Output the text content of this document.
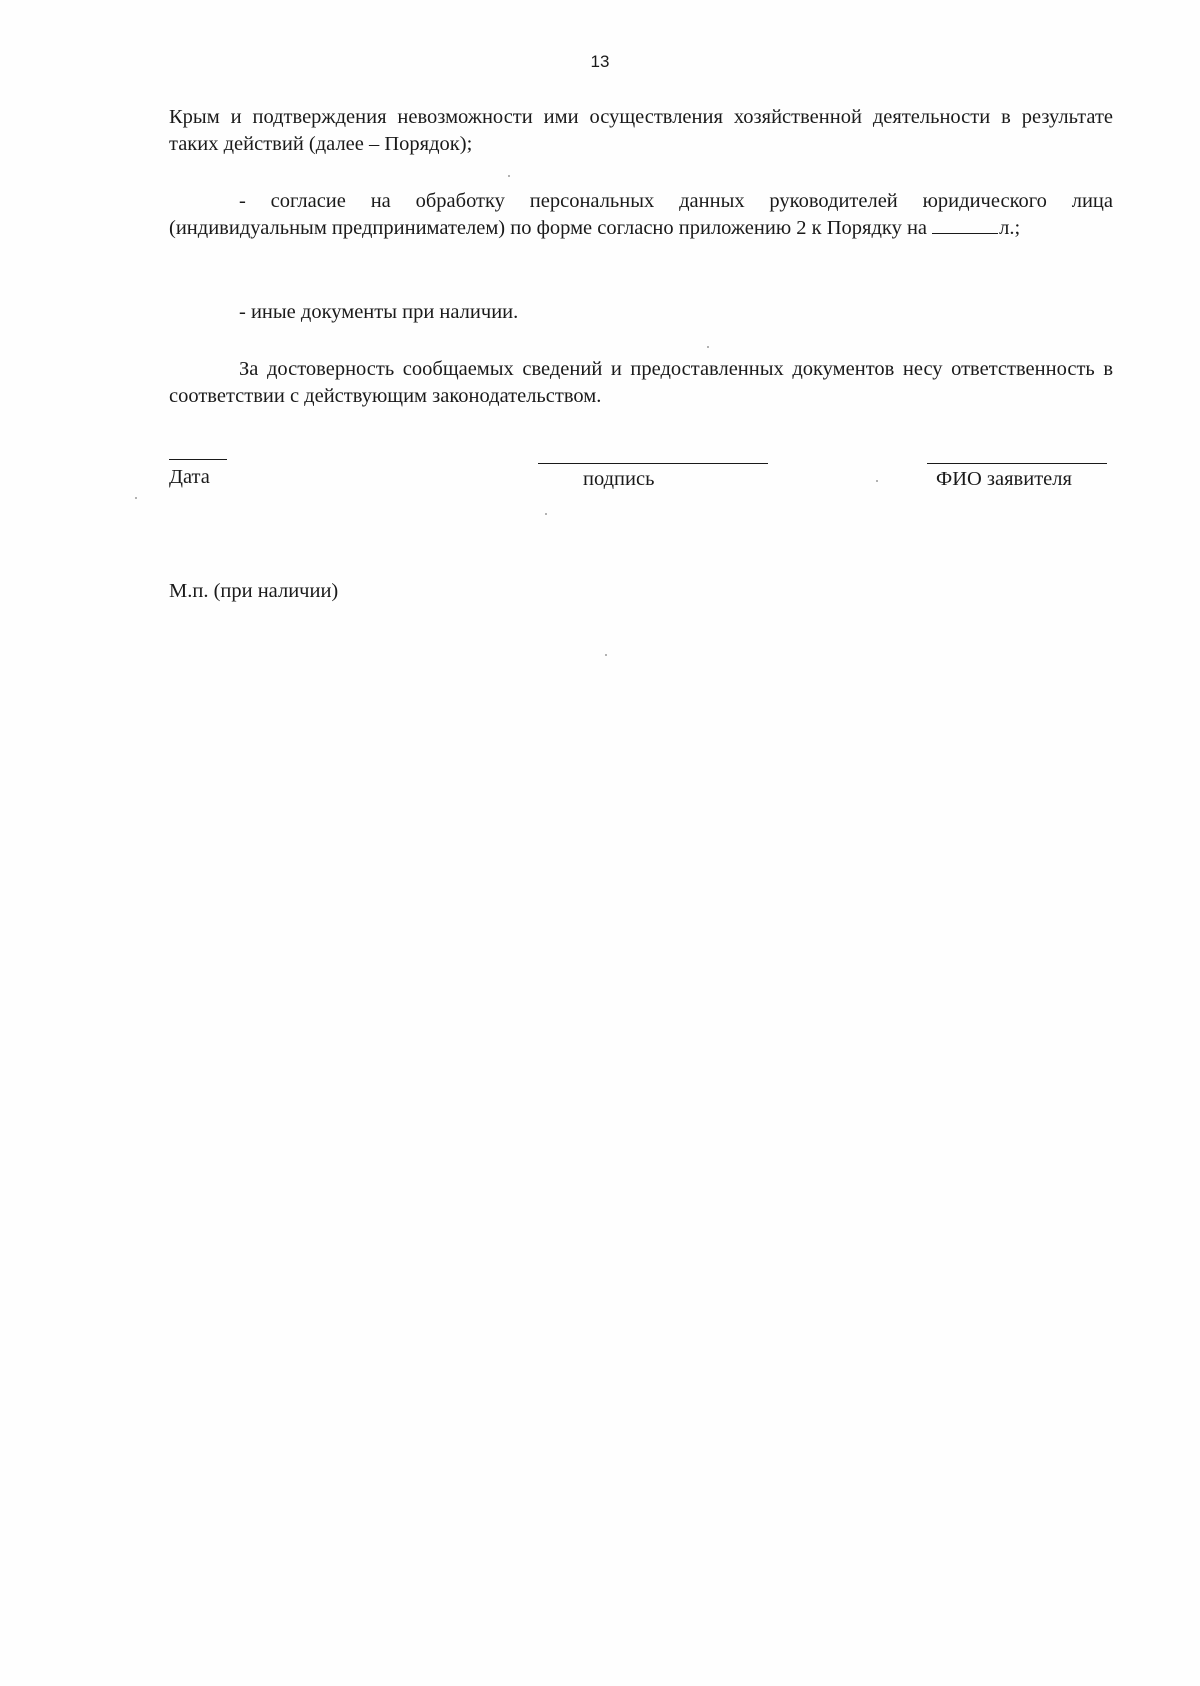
13
Крым и подтверждения невозможности ими осуществления хозяйственной деятельности в результате таких действий (далее – Порядок);
- согласие на обработку персональных данных руководителей юридического лица (индивидуальным предпринимателем) по форме согласно приложению 2 к Порядку на	л.;
- иные документы при наличии.
За достоверность сообщаемых сведений и предоставленных документов несу ответственность в соответствии с действующим законодательством.
Дата	подпись	ФИО заявителя
М.п. (при наличии)
